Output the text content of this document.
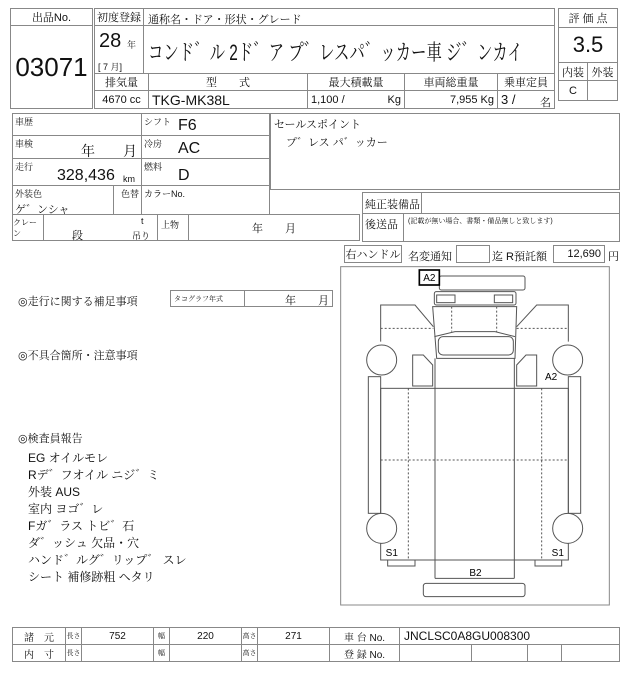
出品No.
03071
初度登録
28 年
[ 7 月]
通称名・ドア・形状・グレード
コンド゛ル 2ド゛ア プ゛レスパ゛ッカー車 ジ゛ンカイ
排気量
4670 cc
型　　式
TKG-MK38L
最大積載量
1,100 /	Kg
車両総重量
7,955 Kg
乗車定員
3 / 名
評 価 点
3.5
内装 外装
C
車歴	シフト F6
車検	年　　月 冷房 AC
走行 328,436 km
燃料 D
外装色
ゲ゛ンシャ
色替 カラーNo.
クレーン	段
t
吊り
上物	年　　月
セールスポイント
プ゛レス パ゛ッカー
純正装備品
後送品	(記載が無い場合、書類・備品無しと致します)
右ハンドル 名変通知	迄 R預託額	12,690 円
◎走行に関する補足事項	タコグラフ年式	年　　月
◎不具合箇所・注意事項
◎検査員報告
EG オイルモレ
Rデ゛フオイル ニジ゛ミ
外装 AUS
室内 ヨゴ゛レ
Fガ゛ラス トビ゛石
ダ゛ッシュ 欠品・穴
ハンド゛ルグ゛リップ゛ スレ
シート 補修跡粗 ヘタリ
A2
A2
S1	S1
B2
諸　元	長さ	752	幅	220	高さ	271	車 台 No.	JNCLSC0A8GU008300			
内　寸	長さ		幅		高さ		登 録 No.				
